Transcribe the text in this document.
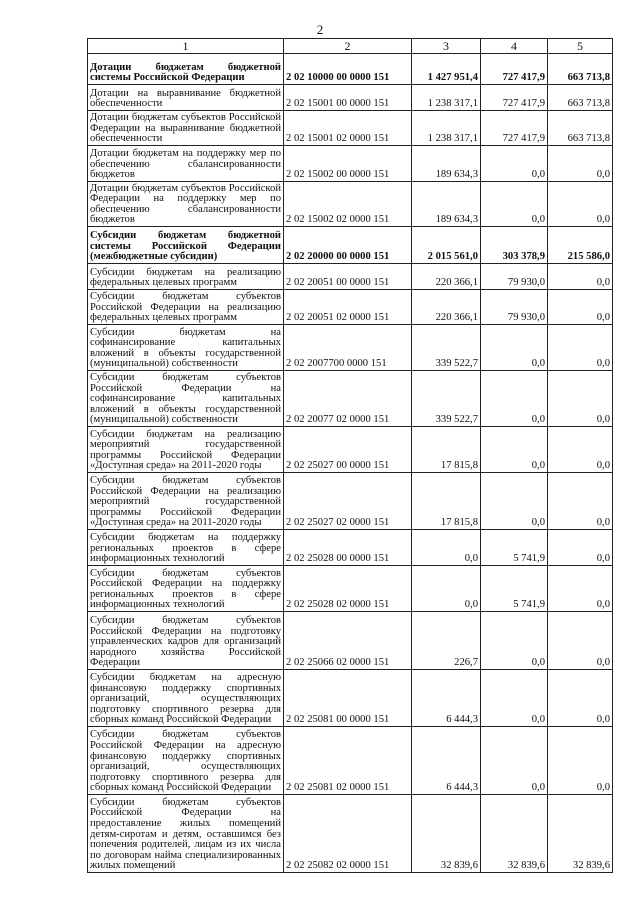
2
1	2	3	4	5
Дотации бюджетам бюджетной системы Российской Федерации	2 02 10000 00 0000 151	1 427 951,4	727 417,9	663 713,8
Дотации на выравнивание бюджетной обеспеченности	2 02 15001 00 0000 151	1 238 317,1	727 417,9	663 713,8
Дотации бюджетам субъектов Российской Федерации на выравнивание бюджетной обеспеченности	2 02 15001 02 0000 151	1 238 317,1	727 417,9	663 713,8
Дотации бюджетам на поддержку мер по обеспечению сбалансированности бюджетов	2 02 15002 00 0000 151	189 634,3	0,0	0,0
Дотации бюджетам субъектов Российской Федерации на поддержку мер по обеспечению сбалансированности бюджетов	2 02 15002 02 0000 151	189 634,3	0,0	0,0
Субсидии бюджетам бюджетной системы Российской Федерации (межбюджетные субсидии)	2 02 20000 00 0000 151	2 015 561,0	303 378,9	215 586,0
Субсидии бюджетам на реализацию федеральных целевых программ	2 02 20051 00 0000 151	220 366,1	79 930,0	0,0
Субсидии бюджетам субъектов Российской Федерации на реализацию федеральных целевых программ	2 02 20051 02 0000 151	220 366,1	79 930,0	0,0
Субсидии бюджетам на софинансирование капитальных вложений в объекты государственной (муниципальной) собственности	2 02 2007700 0000 151	339 522,7	0,0	0,0
Субсидии бюджетам субъектов Российской Федерации на софинансирование капитальных вложений в объекты государственной (муниципальной) собственности	2 02 20077 02 0000 151	339 522,7	0,0	0,0
Субсидии бюджетам на реализацию мероприятий государственной программы Российской Федерации «Доступная среда» на 2011-2020 годы	2 02 25027 00 0000 151	17 815,8	0,0	0,0
Субсидии бюджетам субъектов Российской Федерации на реализацию мероприятий государственной программы Российской Федерации «Доступная среда» на 2011-2020 годы	2 02 25027 02 0000 151	17 815,8	0,0	0,0
Субсидии бюджетам на поддержку региональных проектов в сфере информационных технологий	2 02 25028 00 0000 151	0,0	5 741,9	0,0
Субсидии бюджетам субъектов Российской Федерации на поддержку региональных проектов в сфере информационных технологий	2 02 25028 02 0000 151	0,0	5 741,9	0,0
Субсидии бюджетам субъектов Российской Федерации на подготовку управленческих кадров для организаций народного хозяйства Российской Федерации	2 02 25066 02 0000 151	226,7	0,0	0,0
Субсидии бюджетам на адресную финансовую поддержку спортивных организаций, осуществляющих подготовку спортивного резерва для сборных команд Российской Федерации	2 02 25081 00 0000 151	6 444,3	0,0	0,0
Субсидии бюджетам субъектов Российской Федерации на адресную финансовую поддержку спортивных организаций, осуществляющих подготовку спортивного резерва для сборных команд Российской Федерации	2 02 25081 02 0000 151	6 444,3	0,0	0,0
Субсидии бюджетам субъектов Российской Федерации на предоставление жилых помещений детям-сиротам и детям, оставшимся без попечения родителей, лицам из их числа по договорам найма специализированных жилых помещений	2 02 25082 02 0000 151	32 839,6	32 839,6	32 839,6
